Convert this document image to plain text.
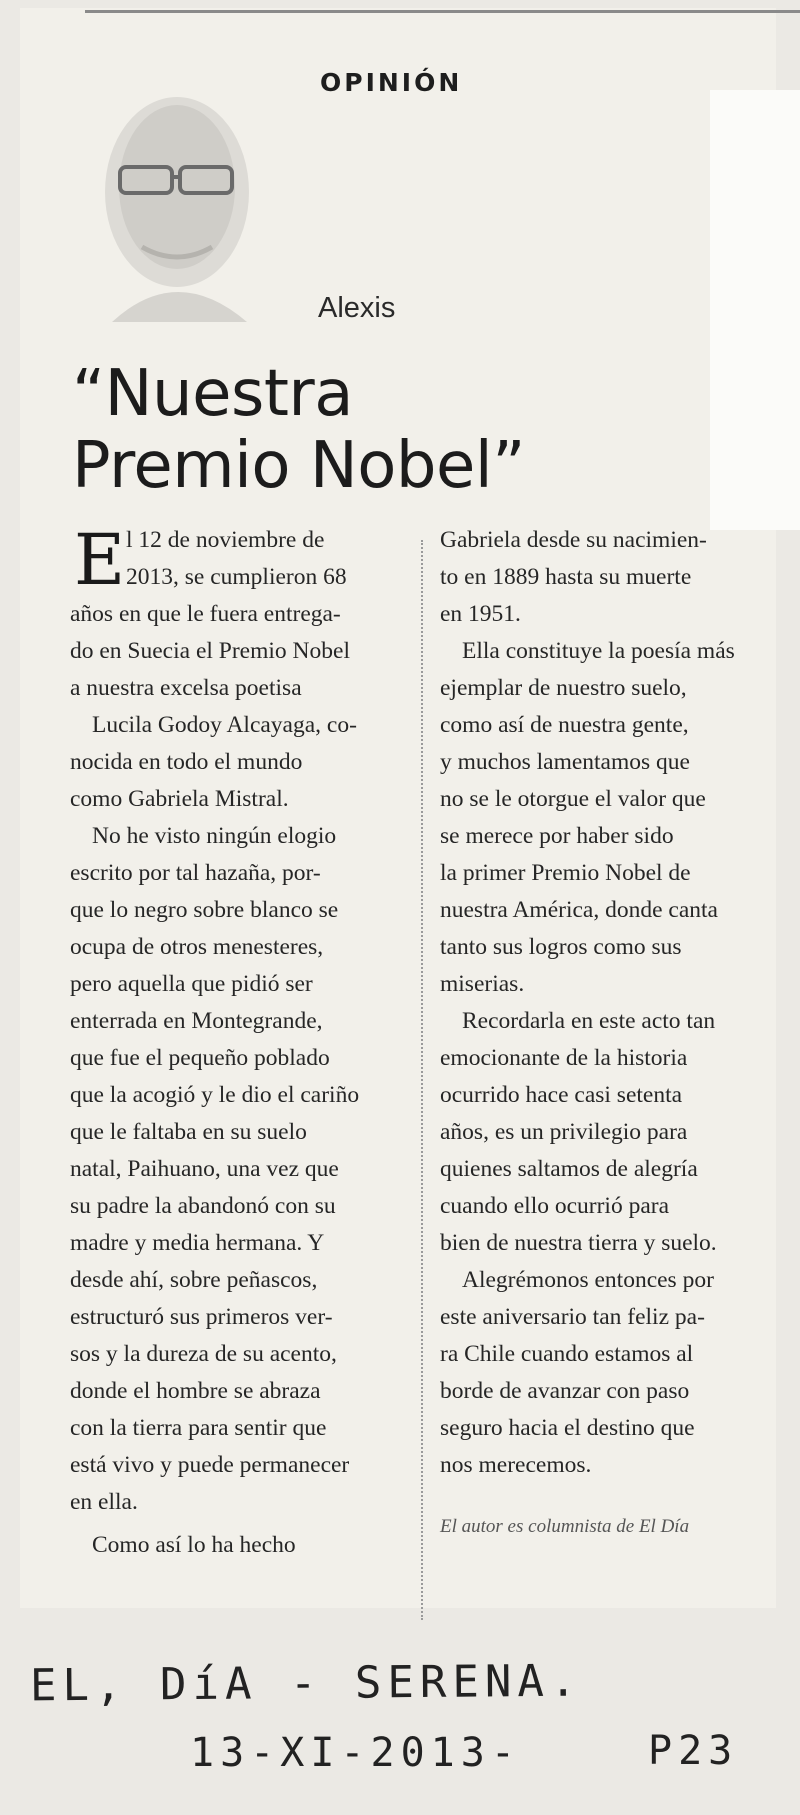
OPINIÓN
Alexis
“Nuestra
Premio Nobel”
E l 12 de noviembre de
2013, se cumplieron 68
años en que le fuera entrega-
do en Suecia el Premio Nobel
a nuestra excelsa poetisa
Lucila Godoy Alcayaga, co-
nocida en todo el mundo
como Gabriela Mistral.
No he visto ningún elogio
escrito por tal hazaña, por-
que lo negro sobre blanco se
ocupa de otros menesteres,
pero aquella que pidió ser
enterrada en Montegrande,
que fue el pequeño poblado
que la acogió y le dio el cariño
que le faltaba en su suelo
natal, Paihuano, una vez que
su padre la abandonó con su
madre y media hermana. Y
desde ahí, sobre peñascos,
estructuró sus primeros ver-
sos y la dureza de su acento,
donde el hombre se abraza
con la tierra para sentir que
está vivo y puede permanecer
en ella.
Como así lo ha hecho
Gabriela desde su nacimien-
to en 1889 hasta su muerte
en 1951.
Ella constituye la poesía más
ejemplar de nuestro suelo,
como así de nuestra gente,
y muchos lamentamos que
no se le otorgue el valor que
se merece por haber sido
la primer Premio Nobel de
nuestra América, donde canta
tanto sus logros como sus
miserias.
Recordarla en este acto tan
emocionante de la historia
ocurrido hace casi setenta
años, es un privilegio para
quienes saltamos de alegría
cuando ello ocurrió para
bien de nuestra tierra y suelo.
Alegrémonos entonces por
este aniversario tan feliz pa-
ra Chile cuando estamos al
borde de avanzar con paso
seguro hacia el destino que
nos merecemos.
El autor es columnista de El Día
EL, DíA - SERENA.
13-XI-2013-	P23
